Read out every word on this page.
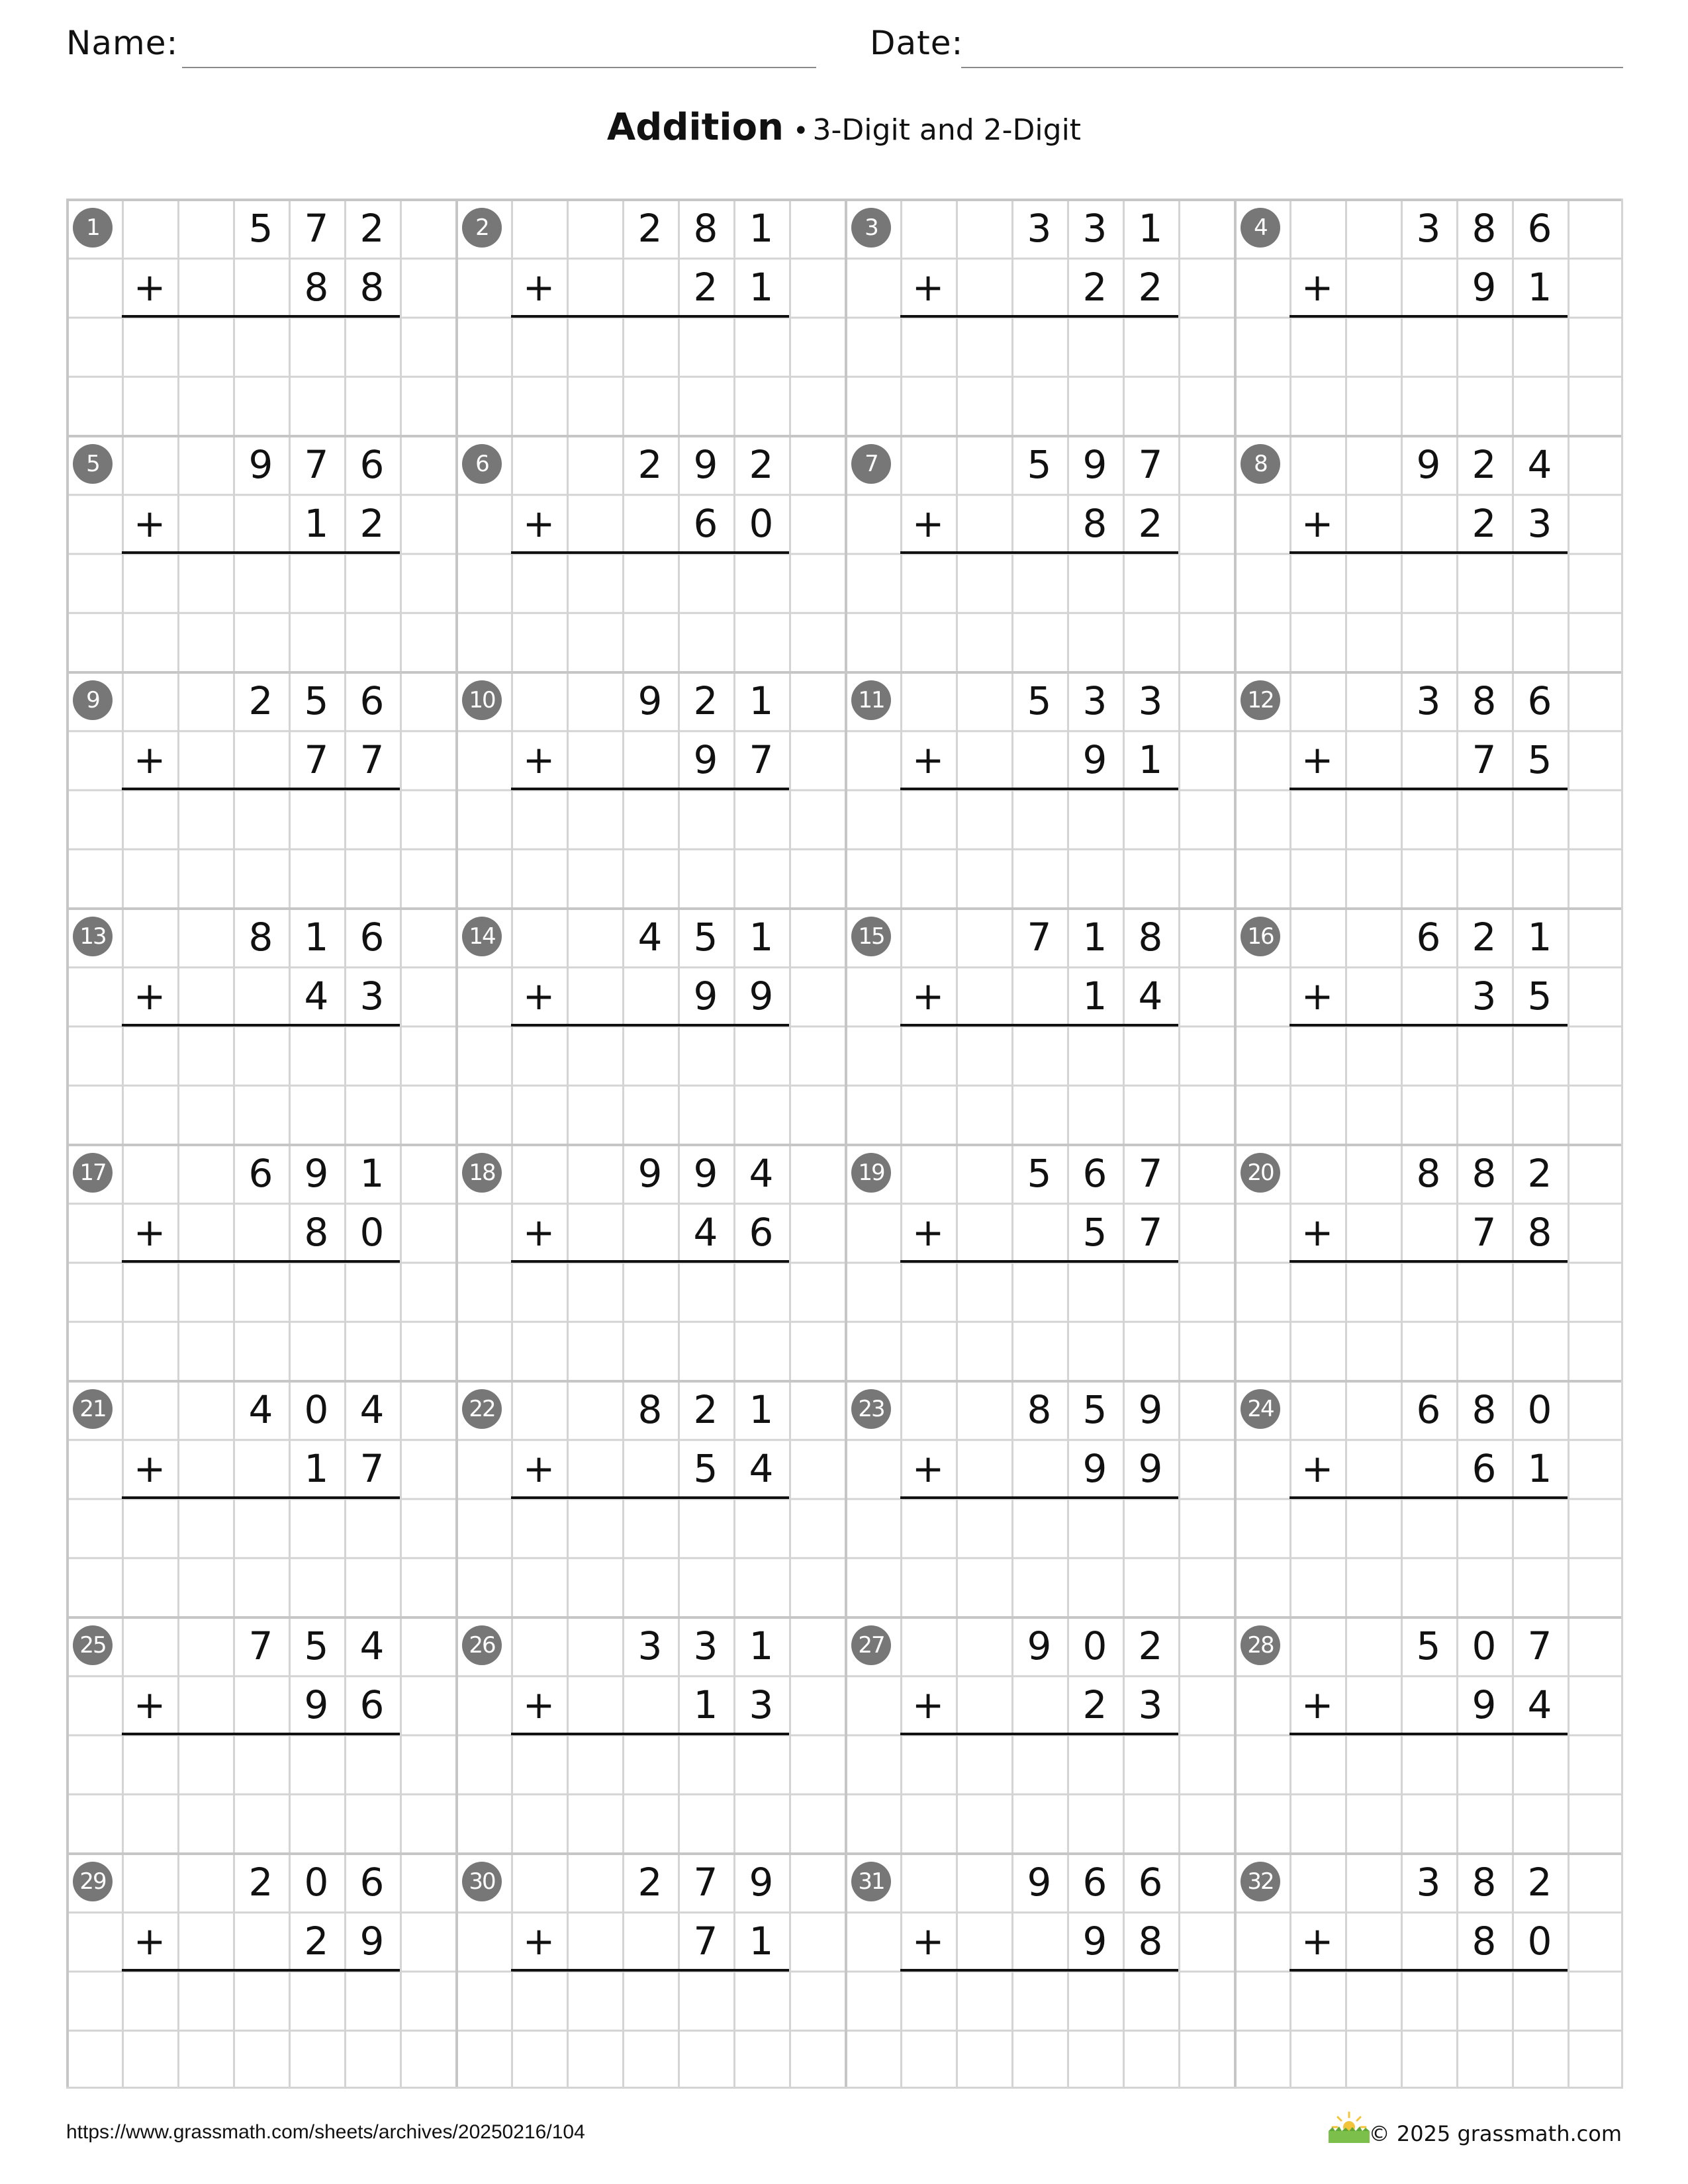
Name:	Date:
Addition • 3-Digit and 2-Digit
1	5 7 2
+	8 8
2	2 8 1
+	2 1
3	3 3 1
+	2 2
4	3 8 6
+	9 1
5	9 7 6
+	1 2
6	2 9 2
+	6 0
7	5 9 7
+	8 2
8	9 2 4
+	2 3
9	2 5 6
+	7 7
10	9 2 1
+	9 7
11	5 3 3
+	9 1
12	3 8 6
+	7 5
13	8 1 6
+	4 3
14	4 5 1
+	9 9
15	7 1 8
+	1 4
16	6 2 1
+	3 5
17	6 9 1
+	8 0
18	9 9 4
+	4 6
19	5 6 7
+	5 7
20	8 8 2
+	7 8
21	4 0 4
+	1 7
22	8 2 1
+	5 4
23	8 5 9
+	9 9
24	6 8 0
+	6 1
25	7 5 4
+	9 6
26	3 3 1
+	1 3
27	9 0 2
+	2 3
28	5 0 7
+	9 4
29	2 0 6
+	2 9
30	2 7 9
+	7 1
31	9 6 6
+	9 8
32	3 8 2
+	8 0
https://www.grassmath.com/sheets/archives/20250216/104	© 2025 grassmath.com
